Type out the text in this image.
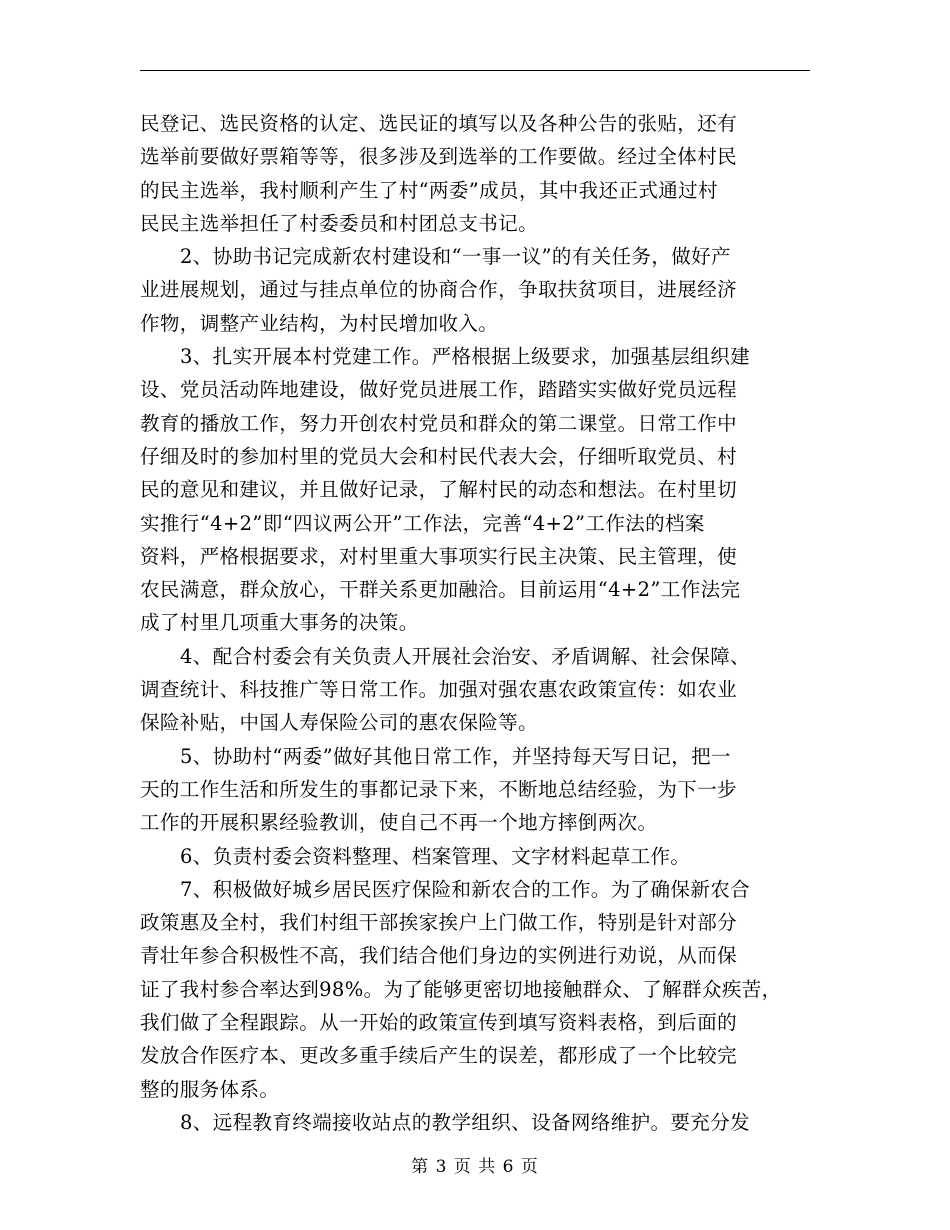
民登记、选民资格的认定、选民证的填写以及各种公告的张贴，还有
选举前要做好票箱等等，很多涉及到选举的工作要做。经过全体村民
的民主选举，我村顺利产生了村“两委”成员，其中我还正式通过村
民民主选举担任了村委委员和村团总支书记。
2、协助书记完成新农村建设和“一事一议”的有关任务，做好产
业进展规划，通过与挂点单位的协商合作，争取扶贫项目，进展经济
作物，调整产业结构，为村民增加收入。
3、扎实开展本村党建工作。严格根据上级要求，加强基层组织建
设、党员活动阵地建设，做好党员进展工作，踏踏实实做好党员远程
教育的播放工作，努力开创农村党员和群众的第二课堂。日常工作中
仔细及时的参加村里的党员大会和村民代表大会，仔细听取党员、村
民的意见和建议，并且做好记录，了解村民的动态和想法。在村里切
实推行“4+2”即“四议两公开”工作法，完善“4+2”工作法的档案
资料，严格根据要求，对村里重大事项实行民主决策、民主管理，使
农民满意，群众放心，干群关系更加融洽。目前运用“4+2”工作法完
成了村里几项重大事务的决策。
4、配合村委会有关负责人开展社会治安、矛盾调解、社会保障、
调查统计、科技推广等日常工作。加强对强农惠农政策宣传：如农业
保险补贴，中国人寿保险公司的惠农保险等。
5、协助村“两委”做好其他日常工作，并坚持每天写日记，把一
天的工作生活和所发生的事都记录下来，不断地总结经验，为下一步
工作的开展积累经验教训，使自己不再一个地方摔倒两次。
6、负责村委会资料整理、档案管理、文字材料起草工作。
7、积极做好城乡居民医疗保险和新农合的工作。为了确保新农合
政策惠及全村，我们村组干部挨家挨户上门做工作，特别是针对部分
青壮年参合积极性不高，我们结合他们身边的实例进行劝说，从而保
证了我村参合率达到98%。为了能够更密切地接触群众、了解群众疾苦，
我们做了全程跟踪。从一开始的政策宣传到填写资料表格，到后面的
发放合作医疗本、更改多重手续后产生的误差，都形成了一个比较完
整的服务体系。
8、远程教育终端接收站点的教学组织、设备网络维护。要充分发
第 3 页 共 6 页
